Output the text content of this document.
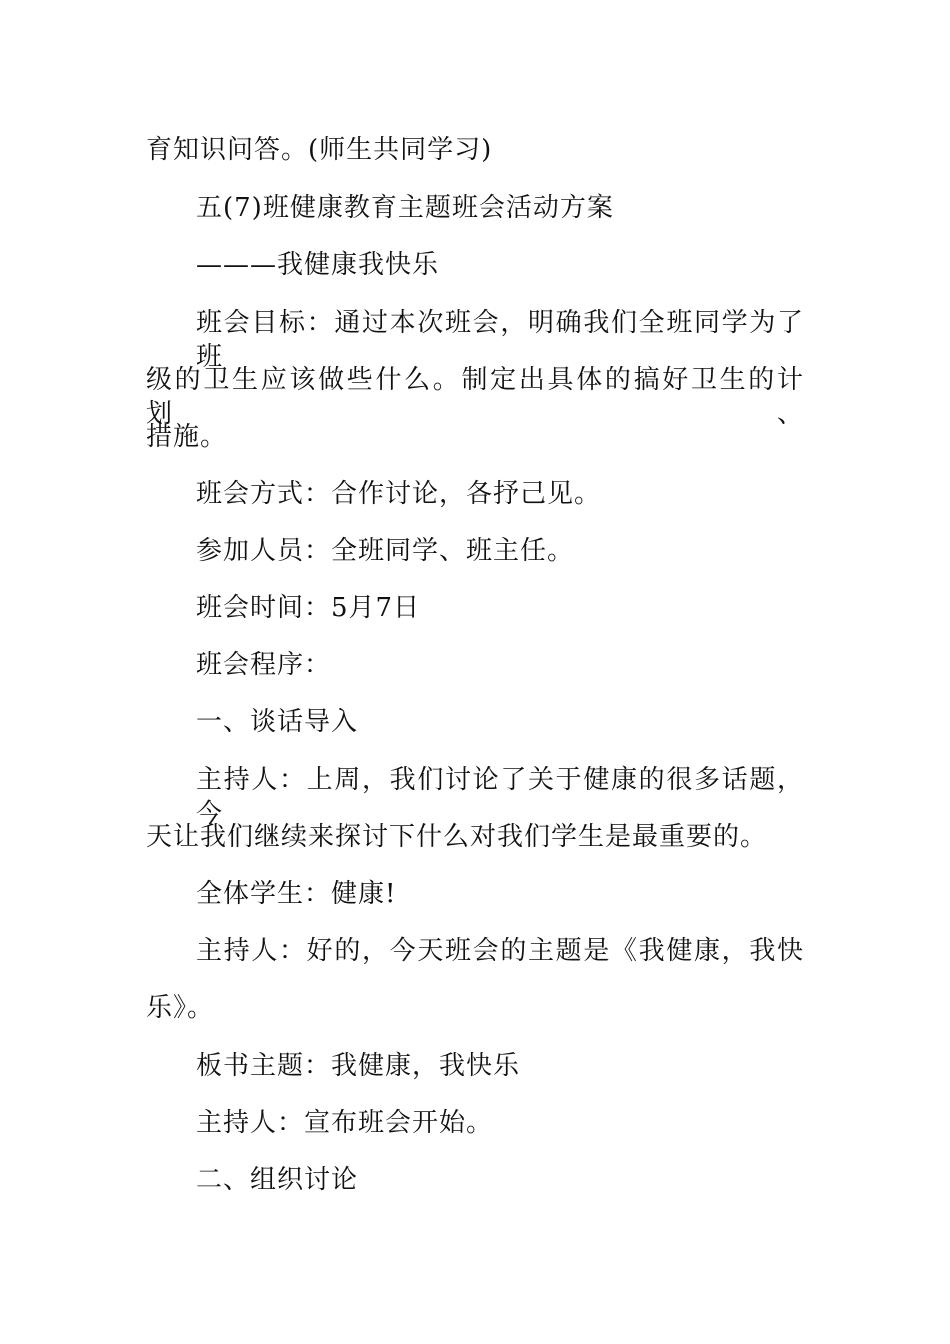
育知识问答。(师生共同学习)
五(7)班健康教育主题班会活动方案
———我健康我快乐
班会目标：通过本次班会，明确我们全班同学为了班
级的卫生应该做些什么。制定出具体的搞好卫生的计划、
措施。
班会方式：合作讨论，各抒己见。
参加人员：全班同学、班主任。
班会时间：5月7日
班会程序：
一、谈话导入
主持人：上周，我们讨论了关于健康的很多话题，今
天让我们继续来探讨下什么对我们学生是最重要的。
全体学生：健康!
主持人：好的，今天班会的主题是《我健康，我快
乐》。
板书主题：我健康，我快乐
主持人：宣布班会开始。
二、组织讨论
